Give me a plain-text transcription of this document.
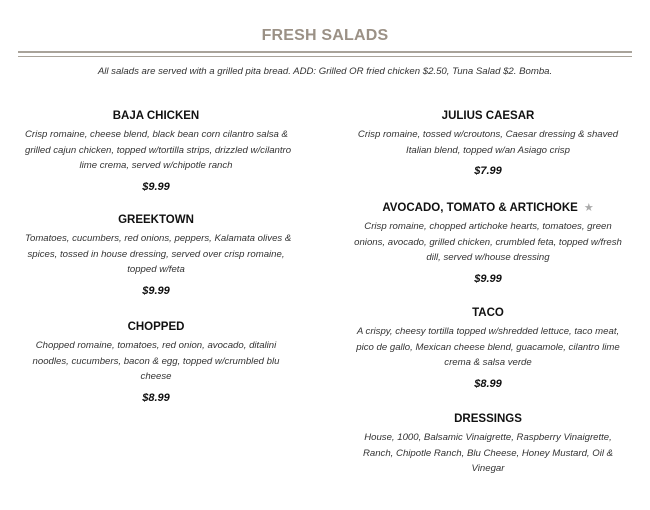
FRESH SALADS
All salads are served with a grilled pita bread. ADD: Grilled OR fried chicken $2.50, Tuna Salad $2. Bomba.
BAJA CHICKEN
Crisp romaine, cheese blend, black bean corn cilantro salsa &
grilled cajun chicken, topped w/tortilla strips, drizzled w/cilantro
lime crema, served w/chipotle ranch
$9.99
GREEKTOWN
Tomatoes, cucumbers, red onions, peppers, Kalamata olives &
spices, tossed in house dressing, served over crisp romaine,
topped w/feta
$9.99
CHOPPED
Chopped romaine, tomatoes, red onion, avocado, ditalini
noodles, cucumbers, bacon & egg, topped w/crumbled blu
cheese
$8.99
JULIUS CAESAR
Crisp romaine, tossed w/croutons, Caesar dressing & shaved
Italian blend, topped w/an Asiago crisp
$7.99
AVOCADO, TOMATO & ARTICHOKE ★
Crisp romaine, chopped artichoke hearts, tomatoes, green
onions, avocado, grilled chicken, crumbled feta, topped w/fresh
dill, served w/house dressing
$9.99
TACO
A crispy, cheesy tortilla topped w/shredded lettuce, taco meat,
pico de gallo, Mexican cheese blend, guacamole, cilantro lime
crema & salsa verde
$8.99
DRESSINGS
House, 1000, Balsamic Vinaigrette, Raspberry Vinaigrette,
Ranch, Chipotle Ranch, Blu Cheese, Honey Mustard, Oil &
Vinegar
